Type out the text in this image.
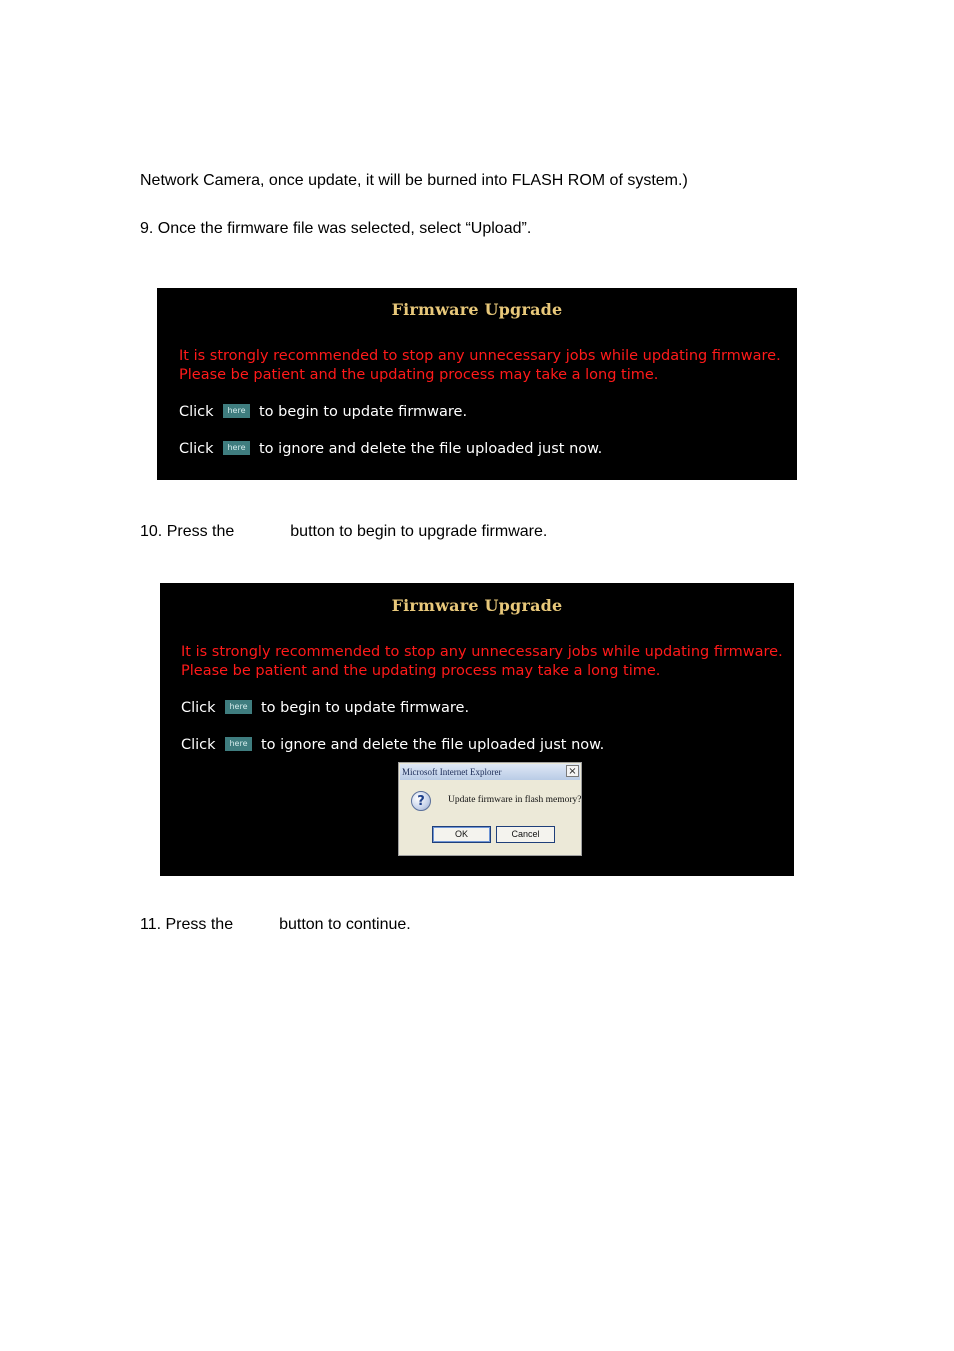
Network Camera, once update, it will be burned into FLASH ROM of system.)
9. Once the firmware file was selected, select “Upload”.
Firmware Upgrade
It is strongly recommended to stop any unnecessary jobs while updating firmware.
Please be patient and the updating process may take a long time.
Click here to begin to update firmware.
Click here to ignore and delete the file uploaded just now.
10. Press the	button to begin to upgrade firmware.
Firmware Upgrade
It is strongly recommended to stop any unnecessary jobs while updating firmware.
Please be patient and the updating process may take a long time.
Click here to begin to update firmware.
Click here to ignore and delete the file uploaded just now.
Microsoft Internet Explorer	×
?	Update firmware in flash memory?
OK	Cancel
11. Press the	button to continue.
